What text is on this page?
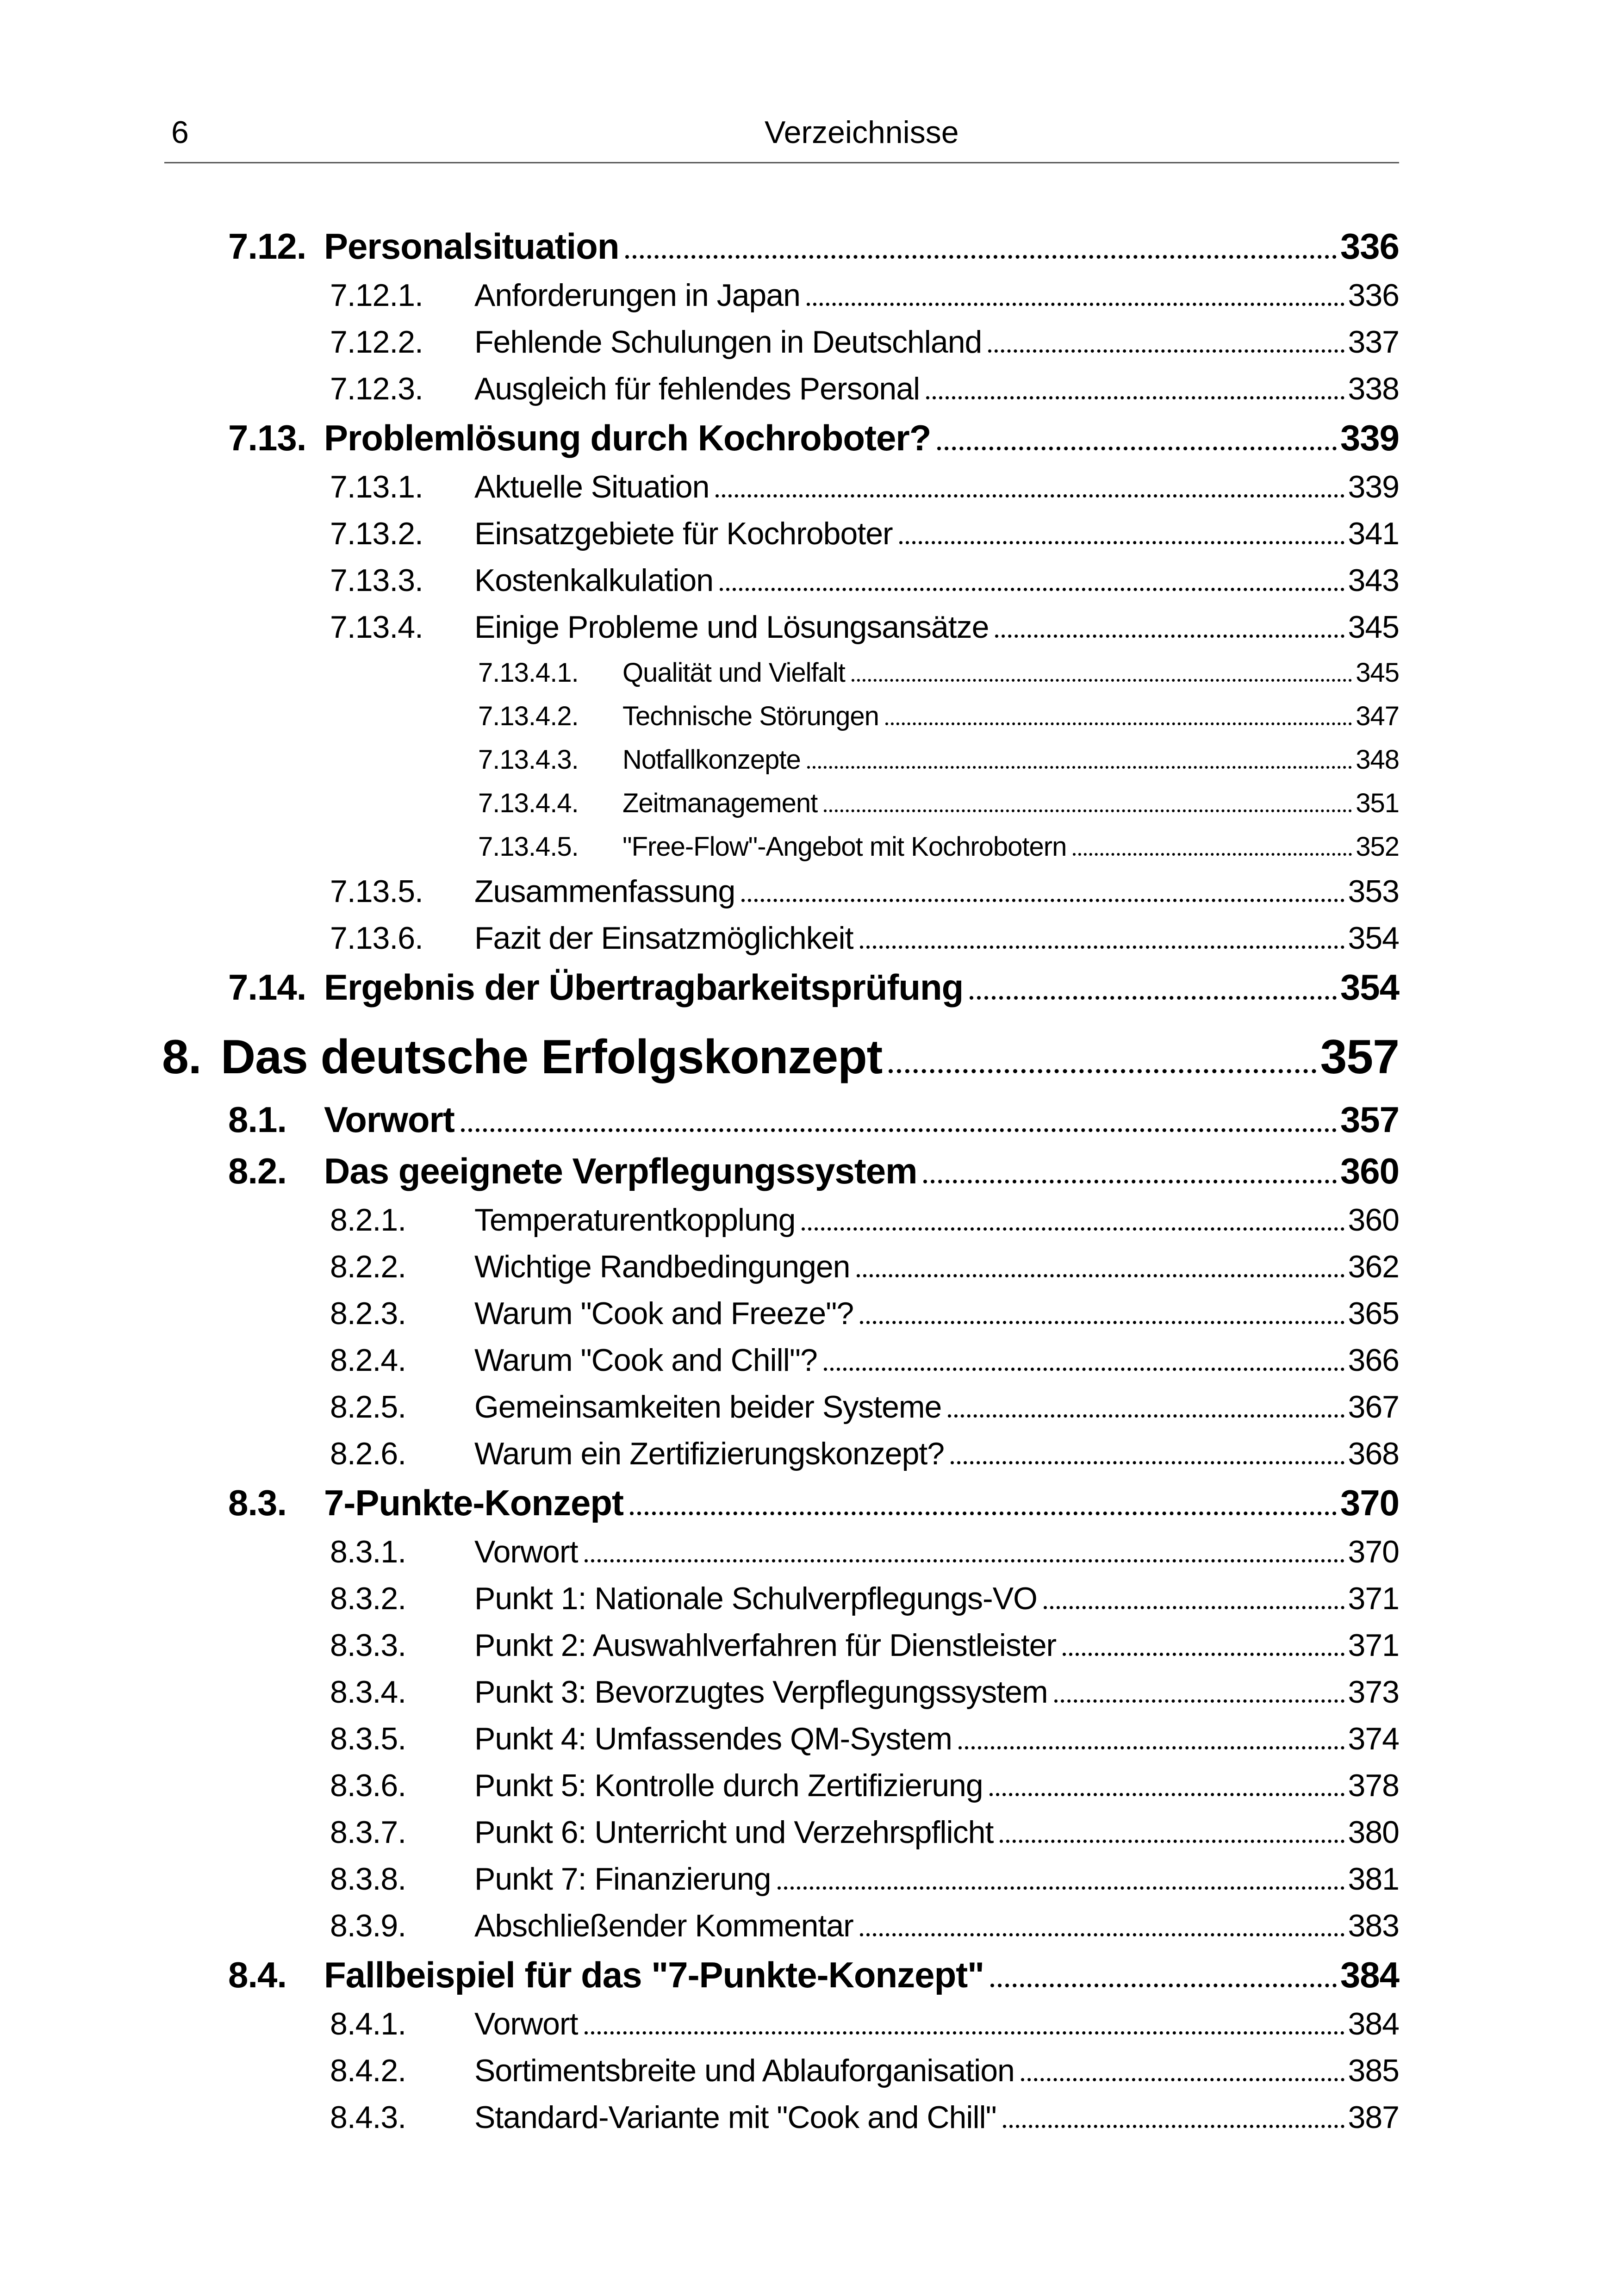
6	Verzeichnisse
7.12. Personalsituation	336
7.12.1.	Anforderungen in Japan	336
7.12.2.	Fehlende Schulungen in Deutschland	337
7.12.3.	Ausgleich für fehlendes Personal	338
7.13. Problemlösung durch Kochroboter?	339
7.13.1.	Aktuelle Situation	339
7.13.2.	Einsatzgebiete für Kochroboter	341
7.13.3.	Kostenkalkulation	343
7.13.4.	Einige Probleme und Lösungsansätze	345
7.13.4.1.	Qualität und Vielfalt	345
7.13.4.2.	Technische Störungen	347
7.13.4.3.	Notfallkonzepte	348
7.13.4.4.	Zeitmanagement	351
7.13.4.5.	"Free-Flow"-Angebot mit Kochrobotern	352
7.13.5.	Zusammenfassung	353
7.13.6.	Fazit der Einsatzmöglichkeit	354
7.14. Ergebnis der Übertragbarkeitsprüfung	354
8. Das deutsche Erfolgskonzept	357
8.1.	Vorwort	357
8.2.	Das geeignete Verpflegungssystem	360
8.2.1.	Temperaturentkopplung	360
8.2.2.	Wichtige Randbedingungen	362
8.2.3.	Warum "Cook and Freeze"?	365
8.2.4.	Warum "Cook and Chill"?	366
8.2.5.	Gemeinsamkeiten beider Systeme	367
8.2.6.	Warum ein Zertifizierungskonzept?	368
8.3.	7-Punkte-Konzept	370
8.3.1.	Vorwort	370
8.3.2.	Punkt 1: Nationale Schulverpflegungs-VO	371
8.3.3.	Punkt 2: Auswahlverfahren für Dienstleister	371
8.3.4.	Punkt 3: Bevorzugtes Verpflegungssystem	373
8.3.5.	Punkt 4: Umfassendes QM-System	374
8.3.6.	Punkt 5: Kontrolle durch Zertifizierung	378
8.3.7.	Punkt 6: Unterricht und Verzehrspflicht	380
8.3.8.	Punkt 7: Finanzierung	381
8.3.9.	Abschließender Kommentar	383
8.4.	Fallbeispiel für das "7-Punkte-Konzept"	384
8.4.1.	Vorwort	384
8.4.2.	Sortimentsbreite und Ablauforganisation	385
8.4.3.	Standard-Variante mit "Cook and Chill"	387
